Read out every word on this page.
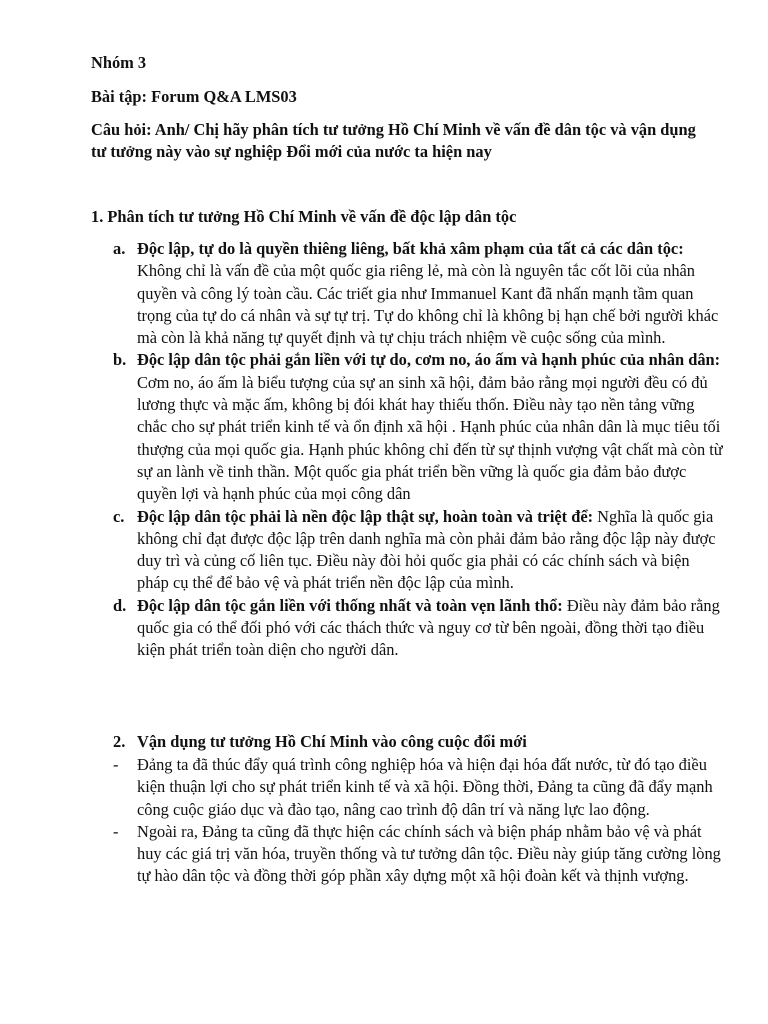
Nhóm 3

Bài tập: Forum Q&A LMS03

Câu hỏi: Anh/ Chị hãy phân tích tư tưởng Hồ Chí Minh về vấn đề dân tộc và vận dụng tư tưởng này vào sự nghiệp Đổi mới của nước ta hiện nay

1. Phân tích tư tưởng Hồ Chí Minh về vấn đề độc lập dân tộc

a. Độc lập, tự do là quyền thiêng liêng, bất khả xâm phạm của tất cả các dân tộc: Không chỉ là vấn đề của một quốc gia riêng lẻ, mà còn là nguyên tắc cốt lõi của nhân quyền và công lý toàn cầu. Các triết gia như Immanuel Kant đã nhấn mạnh tầm quan trọng của tự do cá nhân và sự tự trị. Tự do không chỉ là không bị hạn chế bởi người khác mà còn là khả năng tự quyết định và tự chịu trách nhiệm về cuộc sống của mình.
b. Độc lập dân tộc phải gắn liền với tự do, cơm no, áo ấm và hạnh phúc của nhân dân: Cơm no, áo ấm là biểu tượng của sự an sinh xã hội, đảm bảo rằng mọi người đều có đủ lương thực và mặc ấm, không bị đói khát hay thiếu thốn. Điều này tạo nền tảng vững chắc cho sự phát triển kinh tế và ổn định xã hội . Hạnh phúc của nhân dân là mục tiêu tối thượng của mọi quốc gia. Hạnh phúc không chỉ đến từ sự thịnh vượng vật chất mà còn từ sự an lành về tinh thần. Một quốc gia phát triển bền vững là quốc gia đảm bảo được quyền lợi và hạnh phúc của mọi công dân
c. Độc lập dân tộc phải là nền độc lập thật sự, hoàn toàn và triệt để: Nghĩa là quốc gia không chỉ đạt được độc lập trên danh nghĩa mà còn phải đảm bảo rằng độc lập này được duy trì và củng cố liên tục. Điều này đòi hỏi quốc gia phải có các chính sách và biện pháp cụ thể để bảo vệ và phát triển nền độc lập của mình.
d. Độc lập dân tộc gắn liền với thống nhất và toàn vẹn lãnh thổ: Điều này đảm bảo rằng quốc gia có thể đối phó với các thách thức và nguy cơ từ bên ngoài, đồng thời tạo điều kiện phát triển toàn diện cho người dân.

2. Vận dụng tư tưởng Hồ Chí Minh vào công cuộc đổi mới

- Đảng ta đã thúc đẩy quá trình công nghiệp hóa và hiện đại hóa đất nước, từ đó tạo điều kiện thuận lợi cho sự phát triển kinh tế và xã hội. Đồng thời, Đảng ta cũng đã đẩy mạnh công cuộc giáo dục và đào tạo, nâng cao trình độ dân trí và năng lực lao động.
- Ngoài ra, Đảng ta cũng đã thực hiện các chính sách và biện pháp nhằm bảo vệ và phát huy các giá trị văn hóa, truyền thống và tư tưởng dân tộc. Điều này giúp tăng cường lòng tự hào dân tộc và đồng thời góp phần xây dựng một xã hội đoàn kết và thịnh vượng.
